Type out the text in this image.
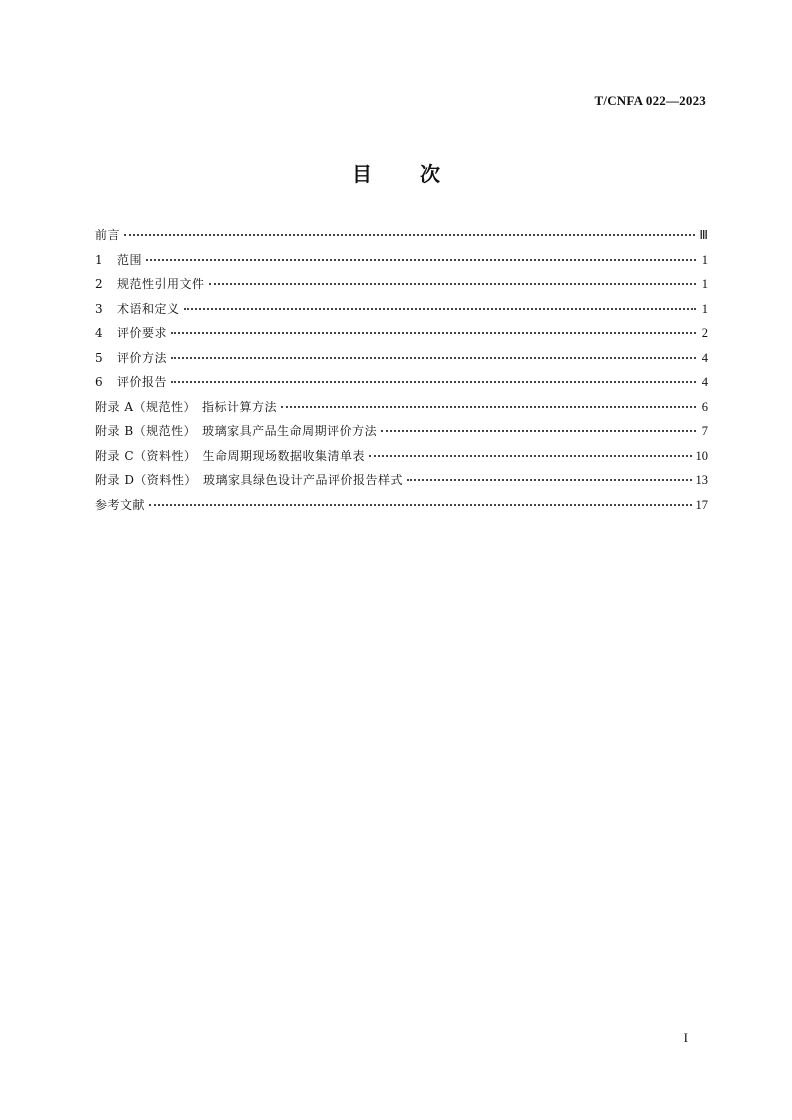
T/CNFA 022—2023
目 次
前言	Ⅲ
1 范围	1
2 规范性引用文件	1
3 术语和定义	1
4 评价要求	2
5 评价方法	4
6 评价报告	4
附录 A（规范性） 指标计算方法	6
附录 B（规范性） 玻璃家具产品生命周期评价方法	7
附录 C（资料性） 生命周期现场数据收集清单表	10
附录 D（资料性） 玻璃家具绿色设计产品评价报告样式	13
参考文献	17
I
